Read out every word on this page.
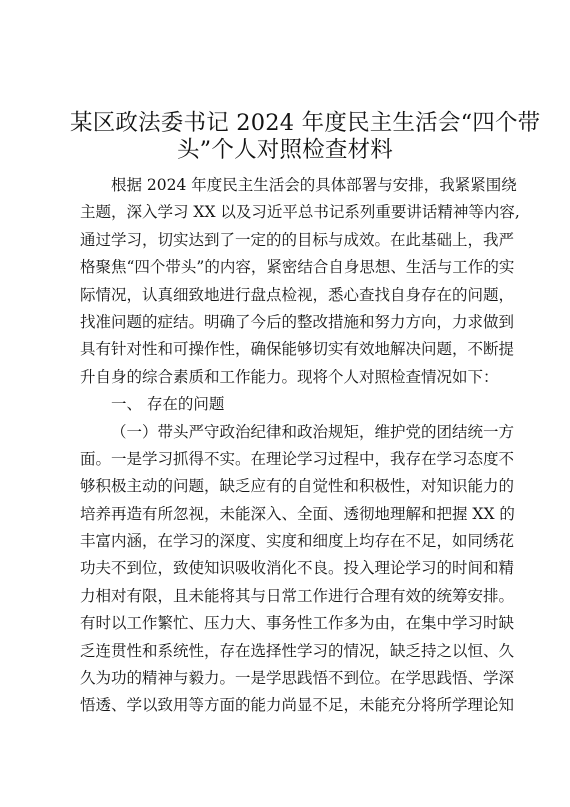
某区政法委书记 2024 年度民主生活会“四个带
头”个人对照检查材料
根据 2024 年度民主生活会的具体部署与安排，我紧紧围绕
主题，深入学习 XX 以及习近平总书记系列重要讲话精神等内容,
通过学习，切实达到了一定的的目标与成效。在此基础上，我严
格聚焦“四个带头”的内容，紧密结合自身思想、生活与工作的实
际情况，认真细致地进行盘点检视，悉心查找自身存在的问题，
找准问题的症结。明确了今后的整改措施和努力方向，力求做到
具有针对性和可操作性，确保能够切实有效地解决问题，不断提
升自身的综合素质和工作能力。现将个人对照检查情况如下：
一、 存在的问题
（一）带头严守政治纪律和政治规矩，维护党的团结统一方
面。一是学习抓得不实。在理论学习过程中，我存在学习态度不
够积极主动的问题，缺乏应有的自觉性和积极性，对知识能力的
培养再造有所忽视，未能深入、全面、透彻地理解和把握 XX 的
丰富内涵，在学习的深度、实度和细度上均存在不足，如同绣花
功夫不到位，致使知识吸收消化不良。投入理论学习的时间和精
力相对有限，且未能将其与日常工作进行合理有效的统筹安排。
有时以工作繁忙、压力大、事务性工作多为由，在集中学习时缺
乏连贯性和系统性，存在选择性学习的情况，缺乏持之以恒、久
久为功的精神与毅力。一是学思践悟不到位。在学思践悟、学深
悟透、学以致用等方面的能力尚显不足，未能充分将所学理论知
